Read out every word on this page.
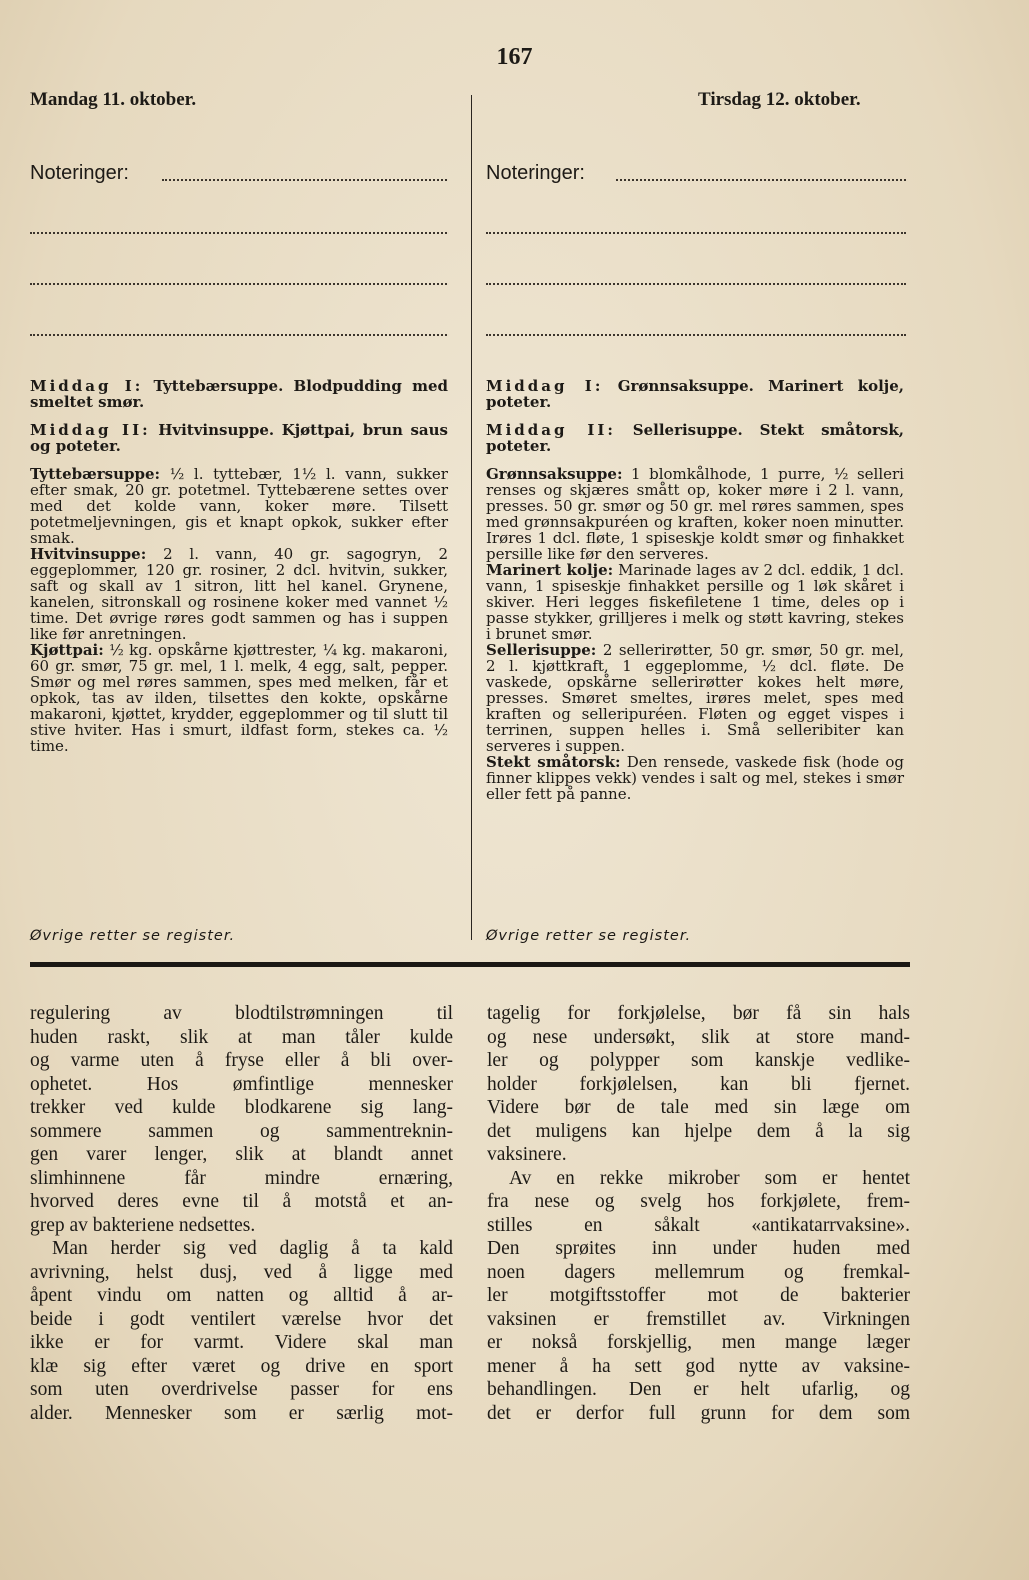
167
Mandag 11. oktober.	Tirsdag 12. oktober.
Noteringer:	Noteringer:

Middag I: Tyttebærsuppe. Blodpudding med smeltet smør.

Middag II: Hvitvinsuppe. Kjøttpai, brun saus og poteter.

Tyttebærsuppe: ½ l. tyttebær, 1½ l. vann, sukker efter smak, 20 gr. potetmel. Tyttebærene settes over med det kolde vann, koker møre. Tilsett potetmeljevningen, gis et knapt opkok, sukker efter smak.

Hvitvinsuppe: 2 l. vann, 40 gr. sagogryn, 2 eggeplommer, 120 gr. rosiner, 2 dcl. hvitvin, sukker, saft og skall av 1 sitron, litt hel kanel. Grynene, kanelen, sitronskall og rosinene koker med vannet ½ time. Det øvrige røres godt sammen og has i suppen like før anretningen.

Kjøttpai: ½ kg. opskårne kjøttrester, ¼ kg. makaroni, 60 gr. smør, 75 gr. mel, 1 l. melk, 4 egg, salt, pepper. Smør og mel røres sammen, spes med melken, får et opkok, tas av ilden, tilsettes den kokte, opskårne makaroni, kjøttet, krydder, eggeplommer og til slutt til stive hviter. Has i smurt, ildfast form, stekes ca. ½ time.

Middag I: Grønnsaksuppe. Marinert kolje, poteter.

Middag II: Sellerisuppe. Stekt småtorsk, poteter.

Grønnsaksuppe: 1 blomkålhode, 1 purre, ½ selleri renses og skjæres smått op, koker møre i 2 l. vann, presses. 50 gr. smør og 50 gr. mel røres sammen, spes med grønnsakpuréen og kraften, koker noen minutter. Irøres 1 dcl. fløte, 1 spiseskje koldt smør og finhakket persille like før den serveres.

Marinert kolje: Marinade lages av 2 dcl. eddik, 1 dcl. vann, 1 spiseskje finhakket persille og 1 løk skåret i skiver. Heri legges fiskefiletene 1 time, deles op i passe stykker, grilljeres i melk og støtt kavring, stekes i brunet smør.

Sellerisuppe: 2 sellerirøtter, 50 gr. smør, 50 gr. mel, 2 l. kjøttkraft, 1 eggeplomme, ½ dcl. fløte. De vaskede, opskårne sellerirøtter kokes helt møre, presses. Smøret smeltes, irøres melet, spes med kraften og selleripuréen. Fløten og egget vispes i terrinen, suppen helles i. Små selleribiter kan serveres i suppen.

Stekt småtorsk: Den rensede, vaskede fisk (hode og finner klippes vekk) vendes i salt og mel, stekes i smør eller fett på panne.

Øvrige retter se register.	Øvrige retter se register.
regulering av blodtilstrømningen til
huden raskt, slik at man tåler kulde
og varme uten å fryse eller å bli over-
ophetet. Hos ømfintlige mennesker
trekker ved kulde blodkarene sig lang-
sommere sammen og sammentreknin-
gen varer lenger, slik at blandt annet
slimhinnene får mindre ernæring,
hvorved deres evne til å motstå et an-
grep av bakteriene nedsettes.
Man herder sig ved daglig å ta kald
avrivning, helst dusj, ved å ligge med
åpent vindu om natten og alltid å ar-
beide i godt ventilert værelse hvor det
ikke er for varmt. Videre skal man
klæ sig efter været og drive en sport
som uten overdrivelse passer for ens
alder. Mennesker som er særlig mot-
tagelig for forkjølelse, bør få sin hals
og nese undersøkt, slik at store mand-
ler og polypper som kanskje vedlike-
holder forkjølelsen, kan bli fjernet.
Videre bør de tale med sin læge om
det muligens kan hjelpe dem å la sig
vaksinere.
Av en rekke mikrober som er hentet
fra nese og svelg hos forkjølete, frem-
stilles en såkalt «antikatarrvaksine».
Den sprøites inn under huden med
noen dagers mellemrum og fremkal-
ler motgiftsstoffer mot de bakterier
vaksinen er fremstillet av. Virkningen
er nokså forskjellig, men mange læger
mener å ha sett god nytte av vaksine-
behandlingen. Den er helt ufarlig, og
det er derfor full grunn for dem som
